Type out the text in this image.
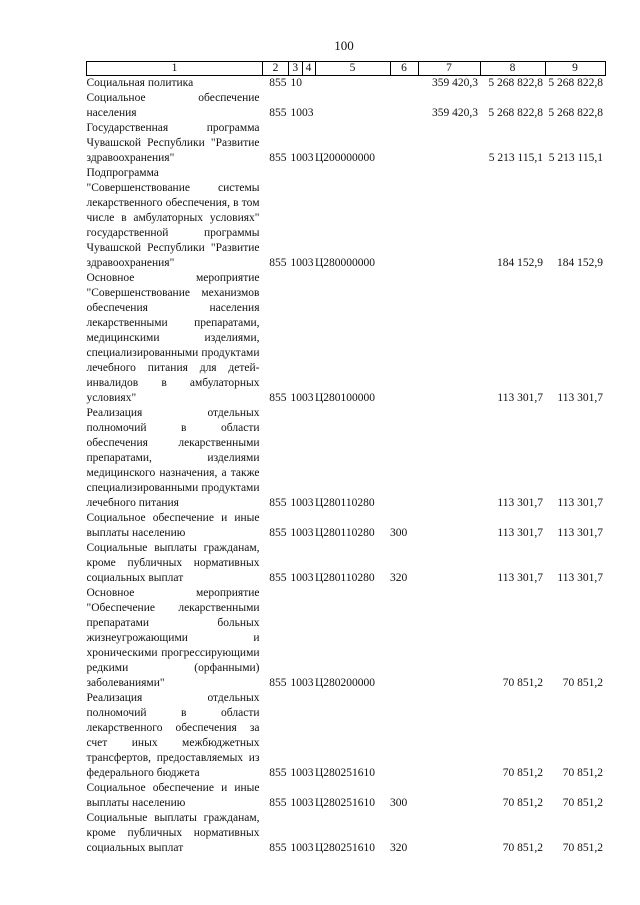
100
1	2	3	4	5	6	7	8	9
Социальная политика	855	10				359 420,3	5 268 822,8	5 268 822,8
Социальное обеспечение населения	855	10	03			359 420,3	5 268 822,8	5 268 822,8
Государственная программа Чувашской Республики "Развитие здравоохранения"	855	10	03	Ц200000000			5 213 115,1	5 213 115,1
Подпрограмма "Совершенствование системы лекарственного обеспечения, в том числе в амбулаторных условиях" государственной программы Чувашской Республики "Развитие здравоохранения"	855	10	03	Ц280000000			184 152,9	184 152,9
Основное мероприятие "Совершенствование механизмов обеспечения населения лекарственными препаратами, медицинскими изделиями, специализированными продуктами лечебного питания для детей-инвалидов в амбулаторных условиях"	855	10	03	Ц280100000			113 301,7	113 301,7
Реализация отдельных полномочий в области обеспечения лекарственными препаратами, изделиями медицинского назначения, а также специализированными продуктами лечебного питания	855	10	03	Ц280110280			113 301,7	113 301,7
Социальное обеспечение и иные выплаты населению	855	10	03	Ц280110280	300		113 301,7	113 301,7
Социальные выплаты гражданам, кроме публичных нормативных социальных выплат	855	10	03	Ц280110280	320		113 301,7	113 301,7
Основное мероприятие "Обеспечение лекарственными препаратами больных жизнеугрожающими и хроническими прогрессирующими редкими (орфанными) заболеваниями"	855	10	03	Ц280200000			70 851,2	70 851,2
Реализация отдельных полномочий в области лекарственного обеспечения за счет иных межбюджетных трансфертов, предоставляемых из федерального бюджета	855	10	03	Ц280251610			70 851,2	70 851,2
Социальное обеспечение и иные выплаты населению	855	10	03	Ц280251610	300		70 851,2	70 851,2
Социальные выплаты гражданам, кроме публичных нормативных социальных выплат	855	10	03	Ц280251610	320		70 851,2	70 851,2
